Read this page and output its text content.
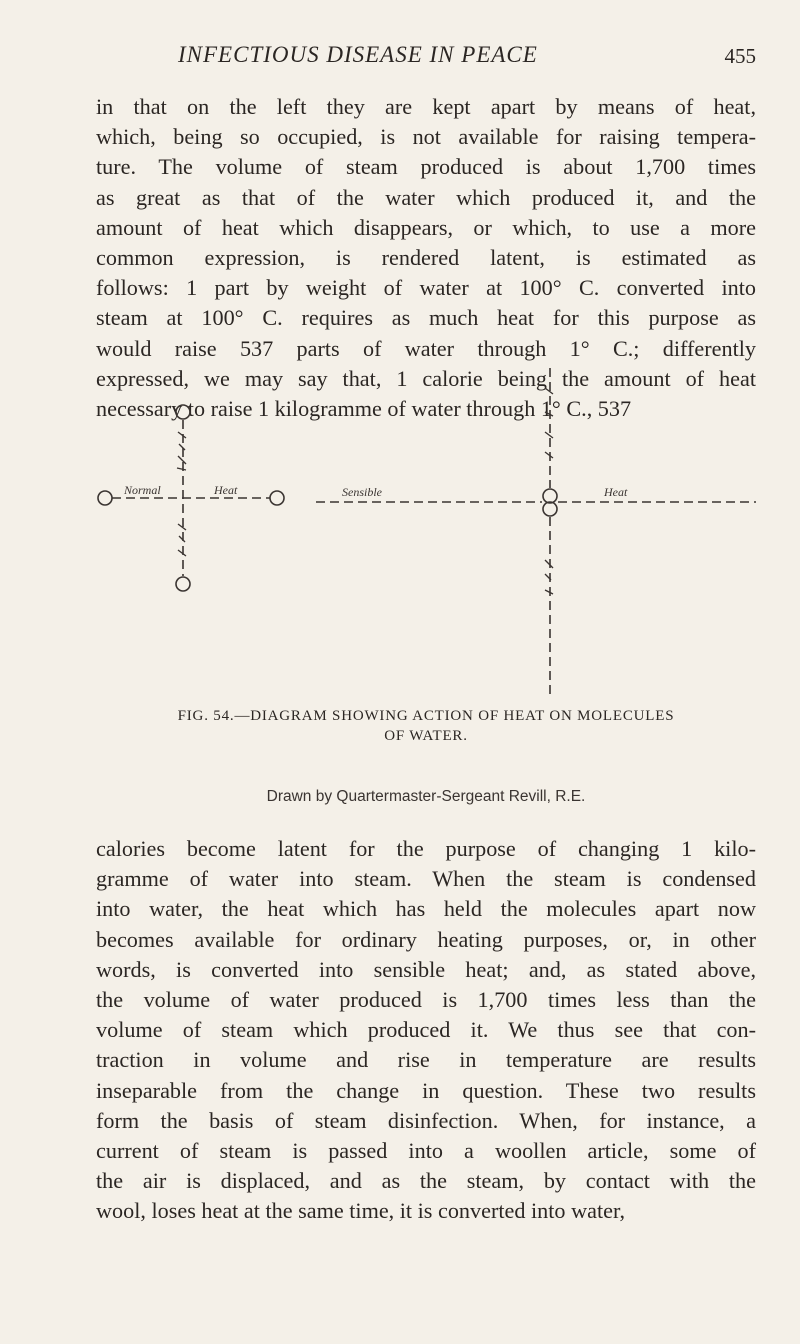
INFECTIOUS DISEASE IN PEACE	455
in that on the left they are kept apart by means of heat,
which, being so occupied, is not available for raising tempera-
ture. The volume of steam produced is about 1,700 times
as great as that of the water which produced it, and the
amount of heat which disappears, or which, to use a more
common expression, is rendered latent, is estimated as
follows: 1 part by weight of water at 100° C. converted into
steam at 100° C. requires as much heat for this purpose as
would raise 537 parts of water through 1° C.; differently
expressed, we may say that, 1 calorie being the amount of heat
necessary to raise 1 kilogramme of water through 1° C., 537
Normal	Heat	Sensible	Heat
FIG. 54.—DIAGRAM SHOWING ACTION OF HEAT ON MOLECULES
OF WATER.
Drawn by Quartermaster-Sergeant Revill, R.E.
calories become latent for the purpose of changing 1 kilo-
gramme of water into steam. When the steam is condensed
into water, the heat which has held the molecules apart now
becomes available for ordinary heating purposes, or, in other
words, is converted into sensible heat; and, as stated above,
the volume of water produced is 1,700 times less than the
volume of steam which produced it. We thus see that con-
traction in volume and rise in temperature are results
inseparable from the change in question. These two results
form the basis of steam disinfection. When, for instance, a
current of steam is passed into a woollen article, some of
the air is displaced, and as the steam, by contact with the
wool, loses heat at the same time, it is converted into water,
